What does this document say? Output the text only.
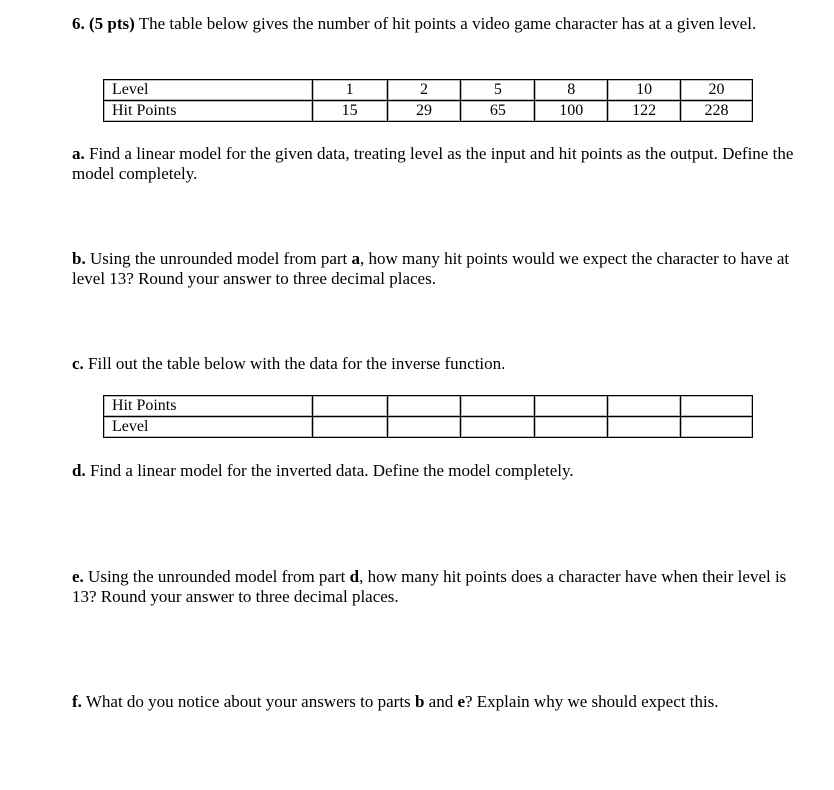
6. (5 pts) The table below gives the number of hit points a video game character has at a given level.
Level	1	2	5	8	10	20
Hit Points	15	29	65	100	122	228
a. Find a linear model for the given data, treating level as the input and hit points as the output. Define the model completely.
b. Using the unrounded model from part a, how many hit points would we expect the character to have at level 13? Round your answer to three decimal places.
c. Fill out the table below with the data for the inverse function.
Hit Points						
Level						
d. Find a linear model for the inverted data. Define the model completely.
e. Using the unrounded model from part d, how many hit points does a character have when their level is 13? Round your answer to three decimal places.
f. What do you notice about your answers to parts b and e? Explain why we should expect this.
